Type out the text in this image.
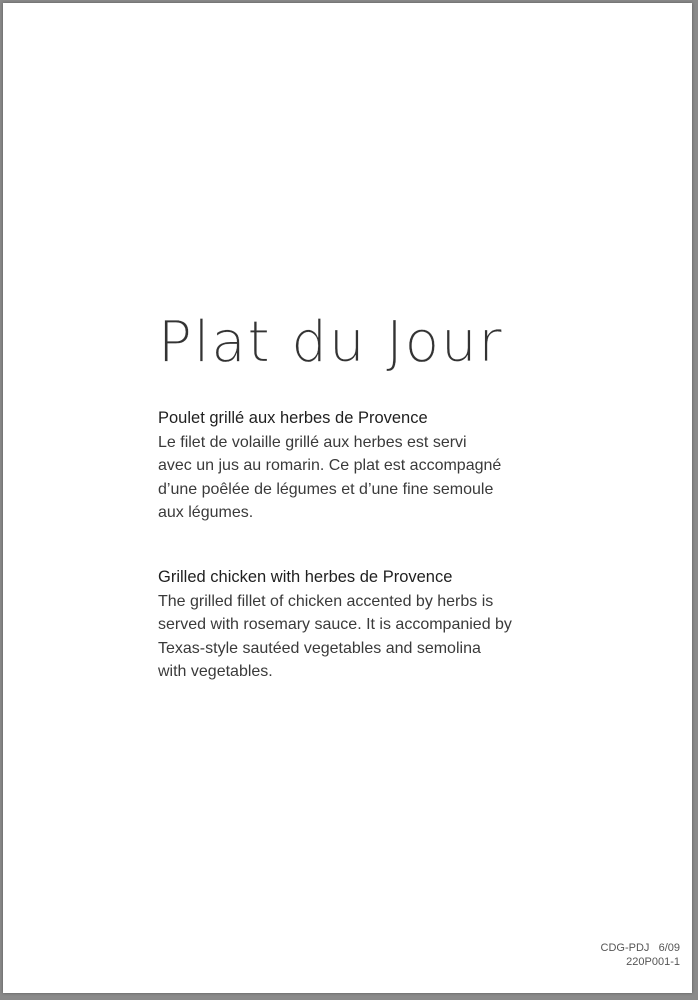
Plat du Jour

Poulet grillé aux herbes de Provence

Le filet de volaille grillé aux herbes est servi

avec un jus au romarin. Ce plat est accompagné

d’une poêlée de légumes et d’une fine semoule

aux légumes.

Grilled chicken with herbes de Provence

The grilled fillet of chicken accented by herbs is

served with rosemary sauce. It is accompanied by

Texas-style sautéed vegetables and semolina

with vegetables.

CDG-PDJ 6/09
220P001-1
